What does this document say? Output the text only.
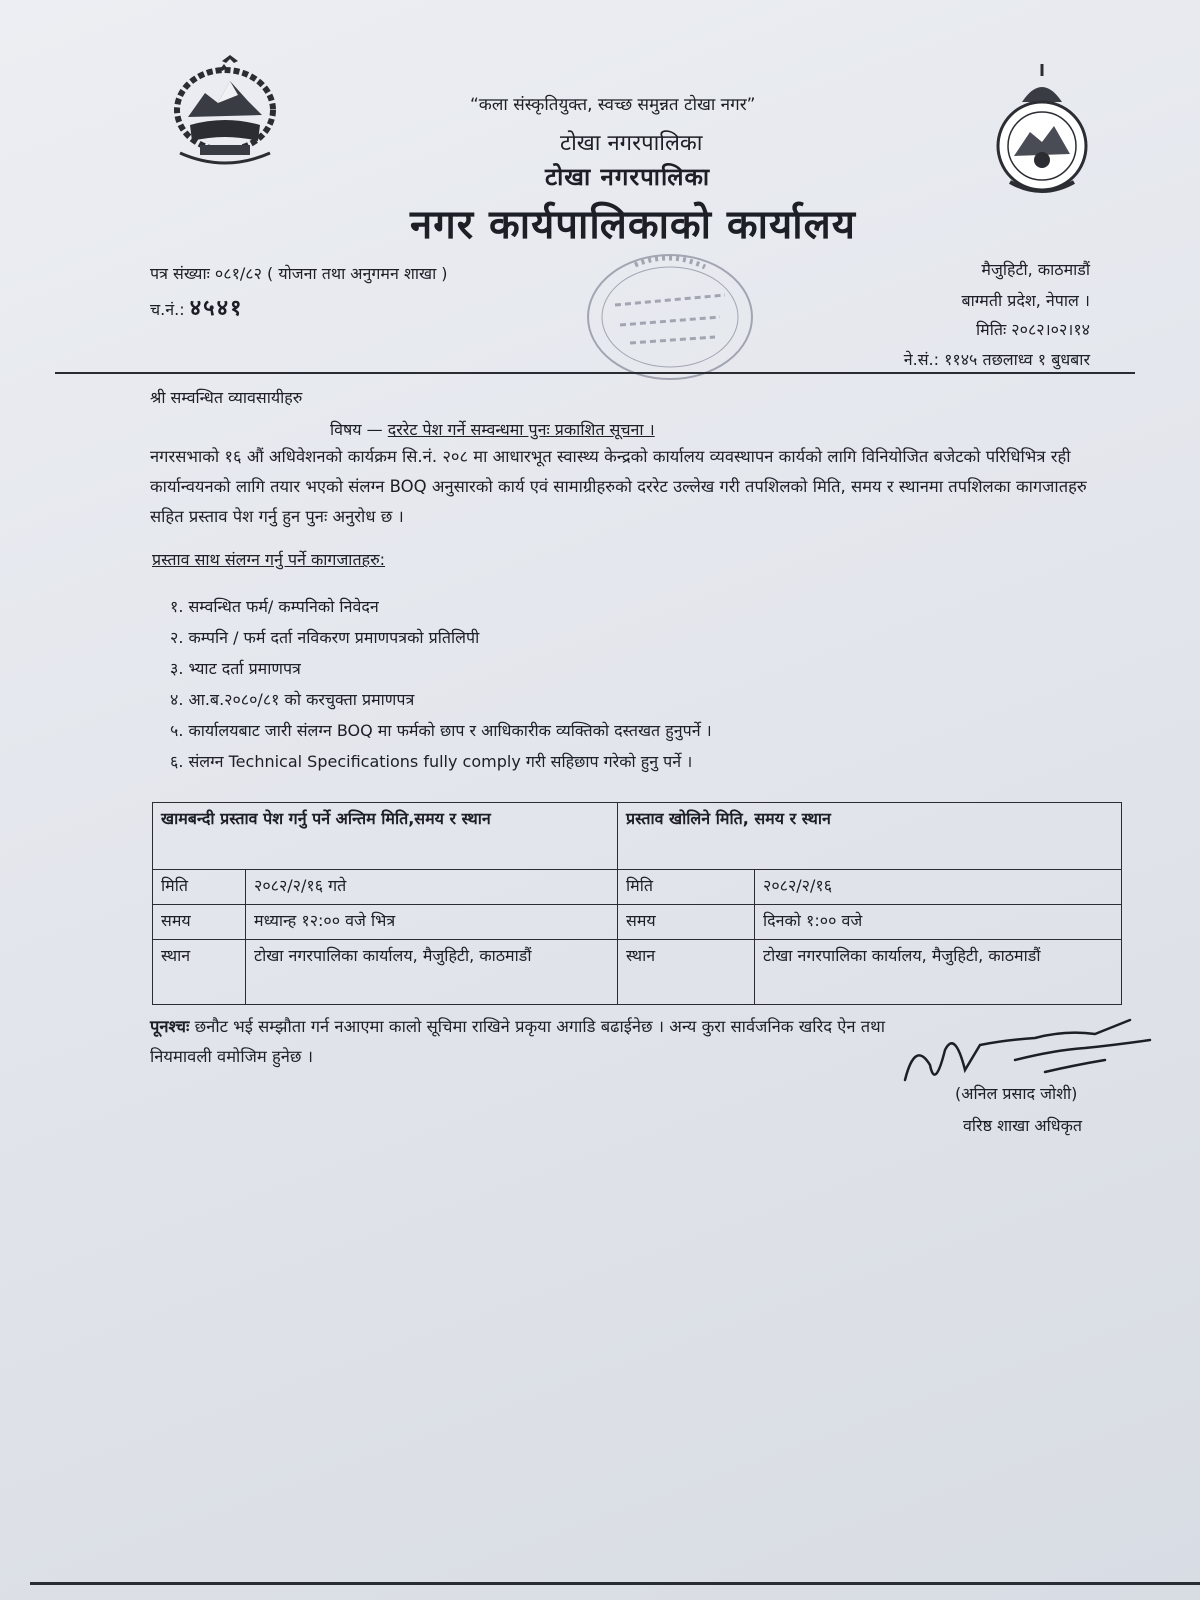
“कला संस्कृतियुक्त, स्वच्छ समुन्नत टोखा नगर”
टोखा नगरपालिका
टोखा नगरपालिका
नगर कार्यपालिकाको कार्यालय
पत्र संख्याः ०८१/८२ ( योजना तथा अनुगमन शाखा )
च.नं.: ४५४१
मैजुहिटी, काठमाडौं
बाग्मती प्रदेश, नेपाल ।
मितिः २०८२।०२।१४
ने.सं.: ११४५ तछलाध्व १ बुधबार
श्री सम्वन्धित व्यावसायीहरु
विषय — दररेट पेश गर्ने सम्वन्धमा पुनः प्रकाशित सूचना ।
नगरसभाको १६ औं अधिवेशनको कार्यक्रम सि.नं. २०८ मा आधारभूत स्वास्थ्य केन्द्रको कार्यालय व्यवस्थापन कार्यको लागि विनियोजित बजेटको परिधिभित्र रही कार्यान्वयनको लागि तयार भएको संलग्न BOQ अनुसारको कार्य एवं सामाग्रीहरुको दररेट उल्लेख गरी तपशिलको मिति, समय र स्थानमा तपशिलका कागजातहरु सहित प्रस्ताव पेश गर्नु हुन पुनः अनुरोध छ ।
प्रस्ताव साथ संलग्न गर्नु पर्ने कागजातहरु:
१. सम्वन्धित फर्म/ कम्पनिको निवेदन
२. कम्पनि / फर्म दर्ता नविकरण प्रमाणपत्रको प्रतिलिपी
३. भ्याट दर्ता प्रमाणपत्र
४. आ.ब.२०८०/८१ को करचुक्ता प्रमाणपत्र
५. कार्यालयबाट जारी संलग्न BOQ मा फर्मको छाप र आधिकारीक व्यक्तिको दस्तखत हुनुपर्ने ।
६. संलग्न Technical Specifications fully comply गरी सहिछाप गरेको हुनु पर्ने ।
खामबन्दी प्रस्ताव पेश गर्नु पर्ने अन्तिम मिति,समय र स्थान		प्रस्ताव खोलिने मिति, समय र स्थान	
मिति	२०८२/२/१६ गते	मिति	२०८२/२/१६
समय	मध्यान्ह १२:०० वजे भित्र	समय	दिनको १:०० वजे
स्थान	टोखा नगरपालिका कार्यालय, मैजुहिटी, काठमाडौं	स्थान	टोखा नगरपालिका कार्यालय, मैजुहिटी, काठमाडौं
पूनश्चः छनौट भई सम्झौता गर्न नआएमा कालो सूचिमा राखिने प्रकृया अगाडि बढाईनेछ । अन्य कुरा सार्वजनिक खरिद ऐन तथा नियमावली वमोजिम हुनेछ ।
(अनिल प्रसाद जोशी)
वरिष्ठ शाखा अधिकृत
